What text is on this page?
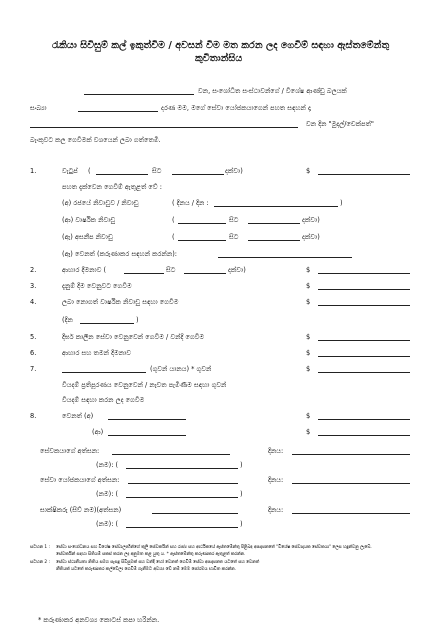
රැකියා සිවිසුම් කල් ඉකුත්වීම / අවසන් වීම මත කරන ලද ගෙවීම් සඳහා ඇස්තමේන්තු
කුවිතාන්සිය
වන, සංශෝධිත සංස්ථාවන්ගේ / විශේෂ ආණ්ඩු බලයක්
සංඛ්‍යා	දරණ මම, මගේ සේවා යෝජකයාගෙන් පහත සඳහන් දෑ
වන දින "මුදල්/චෙක්පත්"
බැංකුවට කල ගෙවීමක් වශයෙන් ලබා ගත්තෙමි.
1.	වැටුප් (	සිට	දක්වා)	$
පහත දැක්වෙන ගෙවීම් ඇතුළත් වේ :
(අ) රජයේ නිවාඩුව / නිවාඩු	( දිනය / දින :	)
(ආ) වාර්ෂික නිවාඩු	(	සිට	දක්වා)
(ඇ) අසනීප නිවාඩු	(	සිට	දක්වා)
(ඈ) වෙනත් (කරුණාකර සඳහන් කරන්න):
2.	ආහාර දීමනාව (	සිට	දක්වා)	$
3.	දැනුම් දීම වෙනුවට ගෙවීම	$
4.	ලබා නොගත් වාර්ෂික නිවාඩු සඳහා ගෙවීම	$
(දින	)
5.	දීර්ඝ කාලීන සේවා වෙනුවෙන් ගෙවීම / වන්දි ගෙවීම	$
6.	ආහාර සහ තමන් දීමනාව	$
7.	(ගුවන් යානය) * ගුවන්	$
වියදම් ප්‍රතිපූරණය වෙනුවෙන් / නැවත පැමිණීම සඳහා ගුවන්
වියදම් සඳහා කරන ලද ගෙවීම
8.	වෙනත් (අ)	$
(ආ)	$
සේවකයාගේ අත්සන:	දිනය:
(නම): (	)
සේවා යෝජකයාගේ අත්සන:	දිනය:
(නම): (	)
සාක්ෂිකරු (සිව් නම)(අත්සන)	දිනය:
(නම): (	)
සටහන 1 : සේවා සංශෝධනය සහ විශේෂ සේවාලාභීන්ගේ කුලී සේවකයින් සහ රාජ්‍ය සහ ආර්ථිකයේ ඇස්තමේන්තු පිළිබඳ ආඥාපනතේ "විශේෂ සේවාදායක සේවකයා" ලෙස හඳුන්වනු ලැබේ.
සේවකයින් සඳහා සිතියම් සකස් කරන ලද අනුමත කළ යුතු ය. * ඇස්තමේන්තු කරුණාකර ඇතුළත් කරන්න.
සටහන 2 : සේවා ස්ථානීයතා නිතිය සමග සැසඳූ සිවිසුමක් සහ වන්දි හෝ වෙනත් ගෙවීම් සේවා ආඥාපනත යටතේ සහ වෙනත්
නීතියක් යටතේ කරුණාකර කල්වේලා ගෙවීම් ගැනීමට අවශ්‍ය වේ නම් මෙම පෝරමය භාවිත කරන්න.
* කරුණාකර අනවශ්‍ය කොටස් කපා හරින්න.
